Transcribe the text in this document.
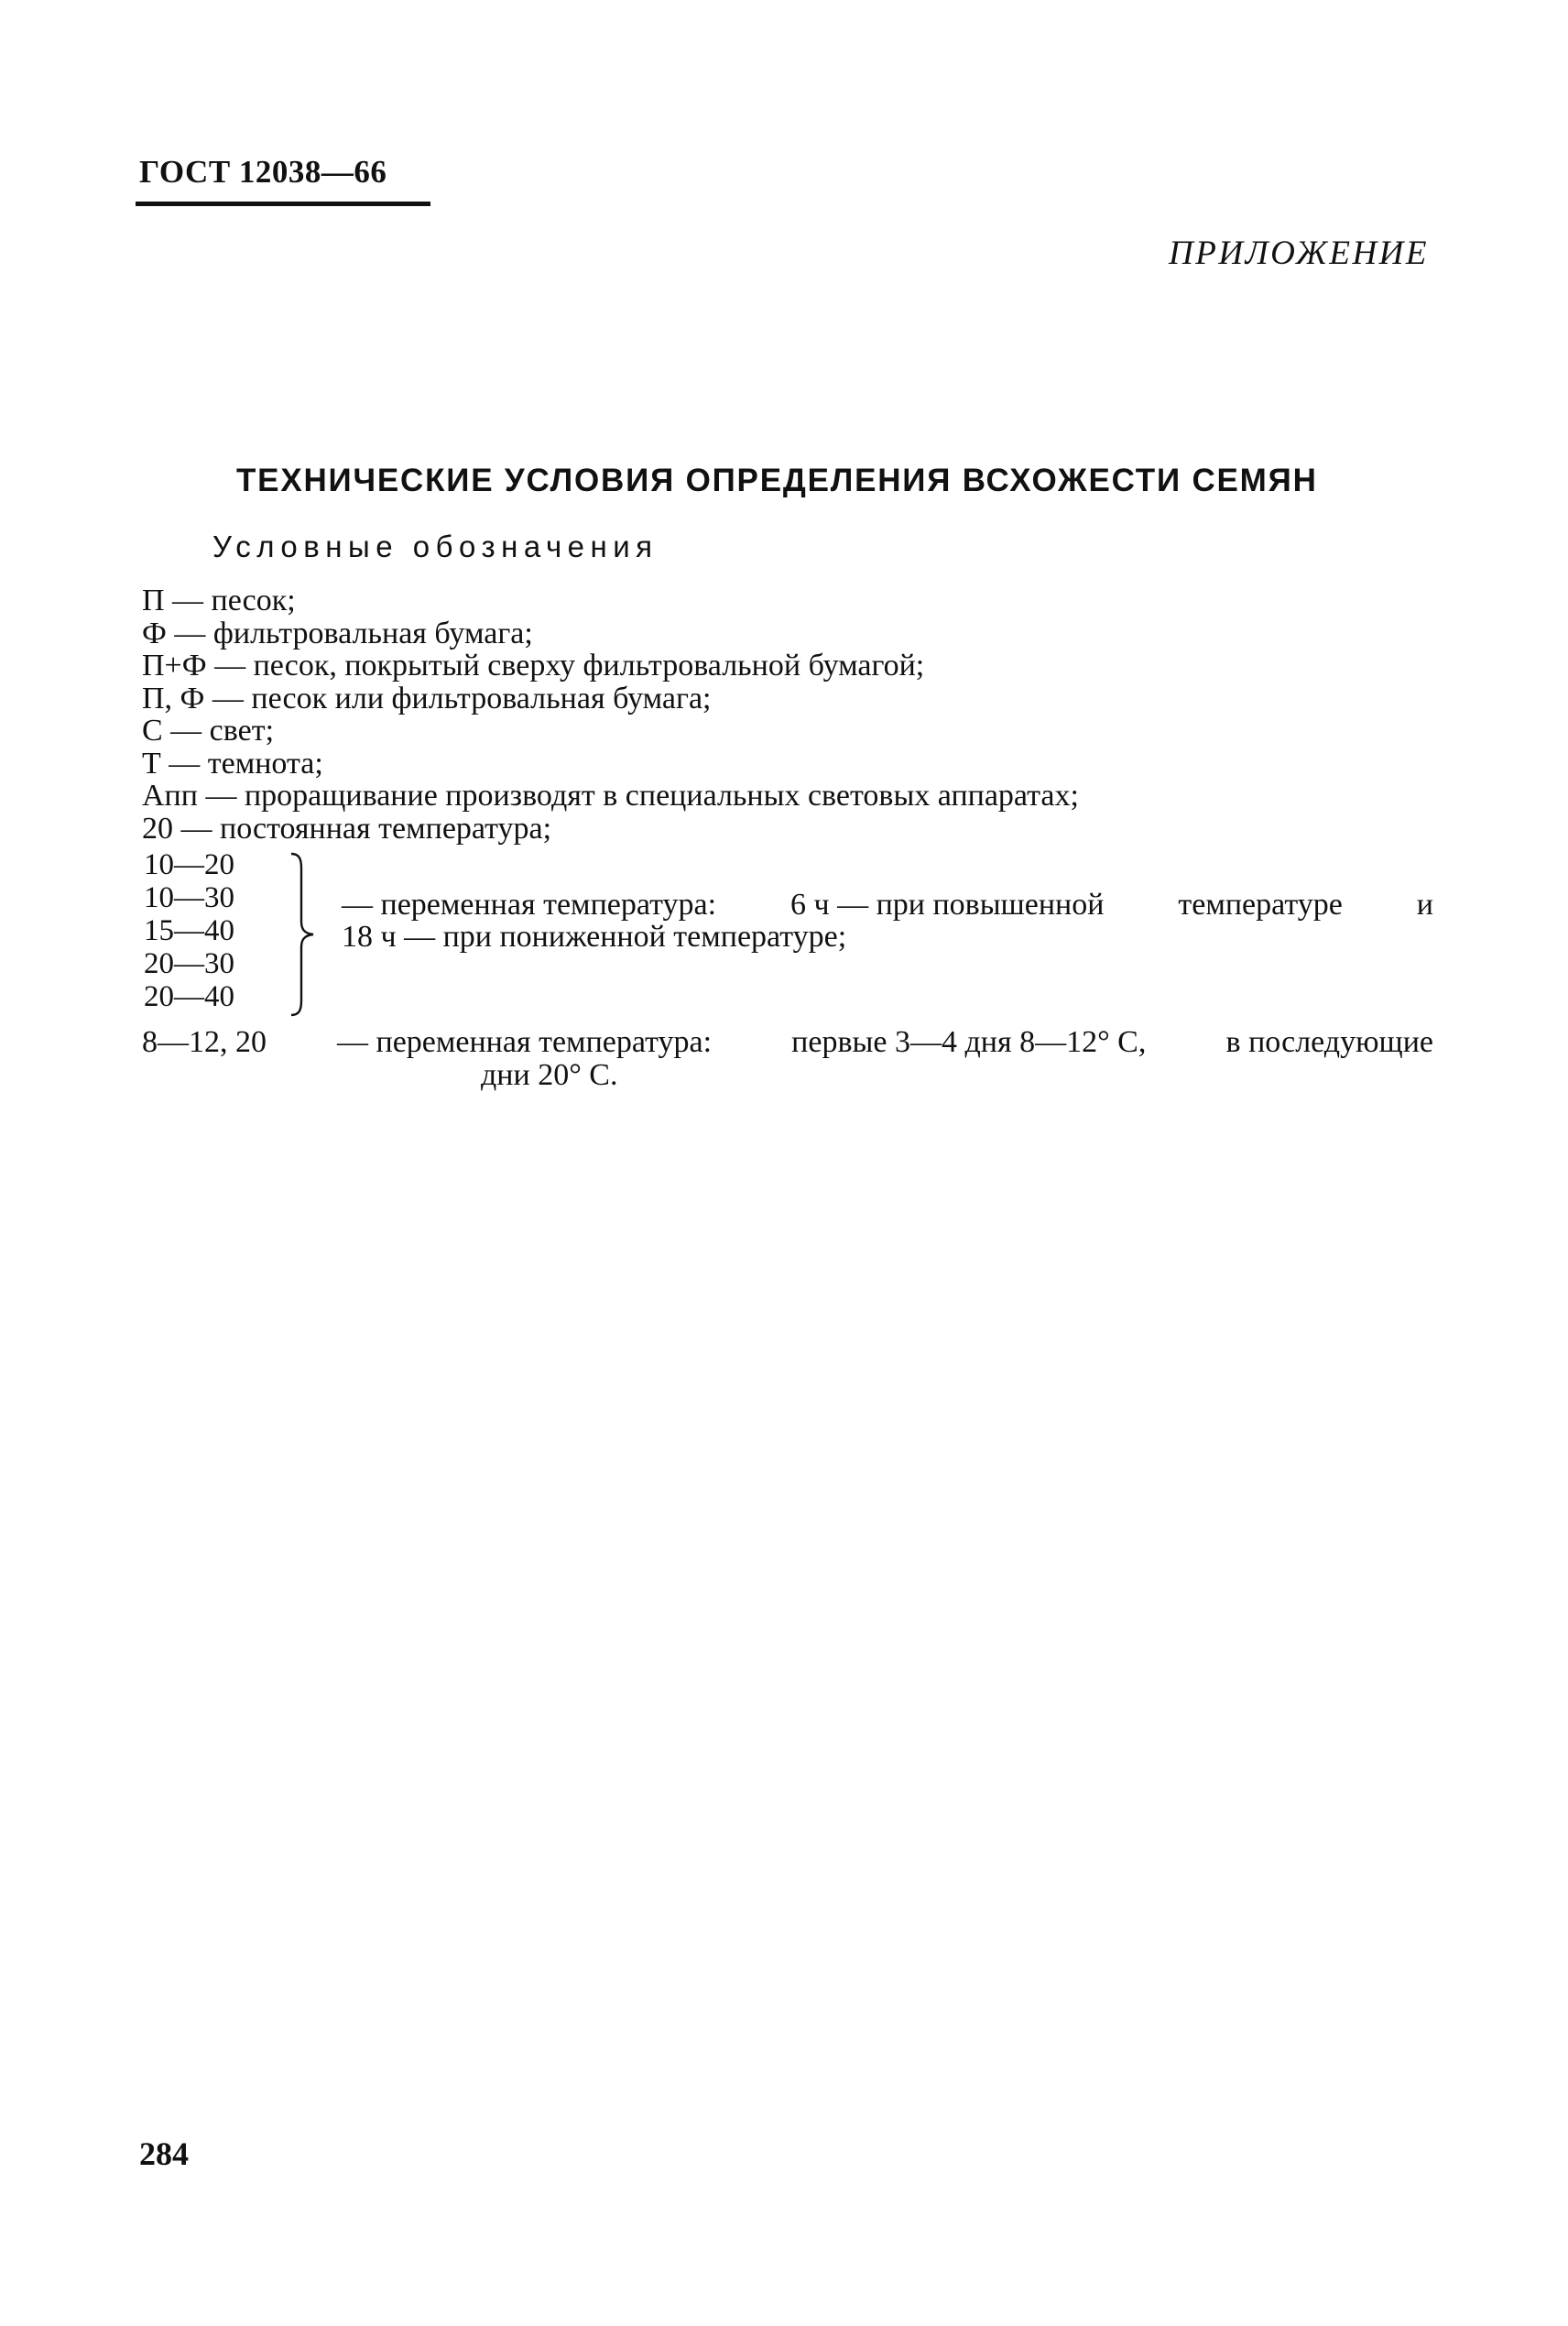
ГОСТ 12038—66
ПРИЛОЖЕНИЕ
ТЕХНИЧЕСКИЕ УСЛОВИЯ ОПРЕДЕЛЕНИЯ ВСХОЖЕСТИ СЕМЯН
Условные обозначения
П — песок;
Ф — фильтровальная бумага;
П+Ф — песок, покрытый сверху фильтровальной бумагой;
П, Ф — песок или фильтровальная бумага;
С — свет;
Т — темнота;
Апп — проращивание производят в специальных световых аппаратах;
20 — постоянная температура;
10—20
10—30
15—40
20—30
20—40
— переменная температура: 6 ч — при повышенной температуре и
18 ч — при пониженной температуре;
8—12, 20 — переменная температура:	первые 3—4 дня 8—12° С,	в последующие
дни 20° С.
284
